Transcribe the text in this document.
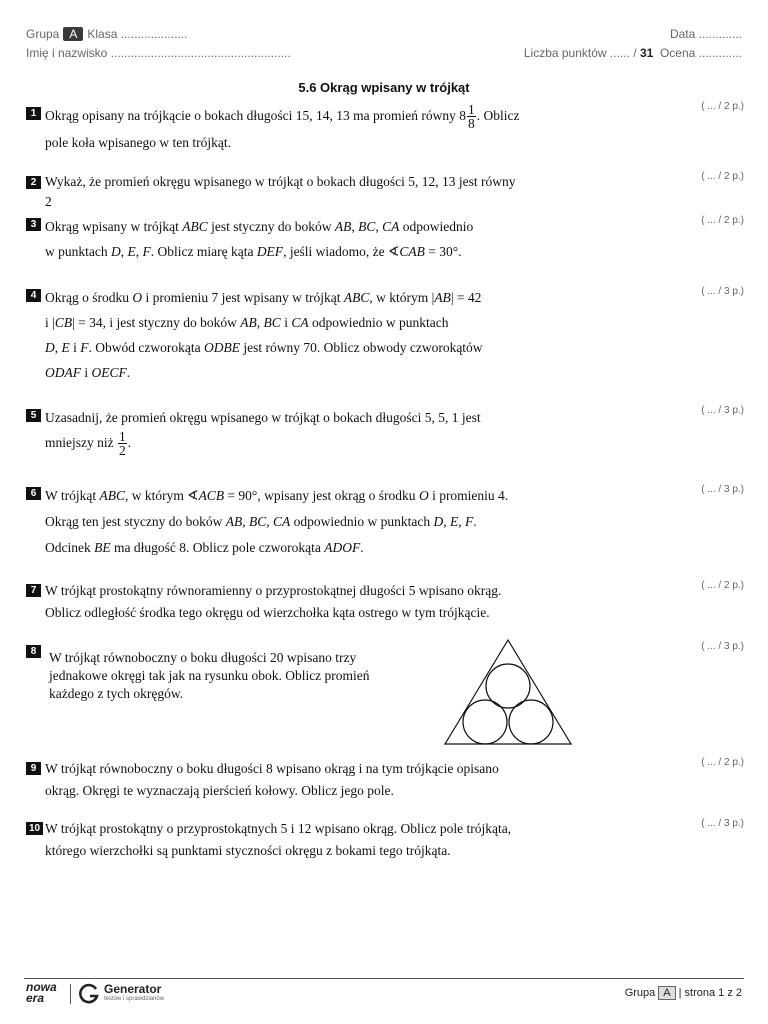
Grupa A Klasa ....................	Data .............
Imię i nazwisko ......................................................	Liczba punktów ...... / 31 Ocena .............
5.6 Okrąg wpisany w trójkąt
1 Okrąg opisany na trójkącie o bokach długości 15, 14, 13 ma promień równy $8 \frac{1}{8}$ . Oblicz
pole koła wpisanego w ten trójkąt.
( ... / 2 p.)
2 Wykaż, że promień okręgu wpisanego w trójkąt o bokach długości 5, 12, 13 jest równy
2
( ... / 2 p.)
3 Okrąg wpisany w trójkąt ABC jest styczny do boków AB, BC, CA odpowiednio
w punktach D, E, F. Oblicz miarę kąta DEF, jeśli wiadomo, że ∢CAB = 30°.
( ... / 2 p.)
4 Okrąg o środku O i promieniu 7 jest wpisany w trójkąt ABC, w którym |AB| = 42
i |CB| = 34, i jest styczny do boków AB, BC i CA odpowiednio w punktach
D, E i F. Obwód czworokąta ODBE jest równy 70. Oblicz obwody czworokątów
ODAF i OECF.
( ... / 3 p.)
5 Uzasadnij, że promień okręgu wpisanego w trójkąt o bokach długości 5, 5, 1 jest
mniejszy niż $\frac{1}{2}$ .
( ... / 3 p.)
6 W trójkąt ABC, w którym ∢ACB = 90°, wpisany jest okrąg o środku O i promieniu 4.
Okrąg ten jest styczny do boków AB, BC, CA odpowiednio w punktach D, E, F.
Odcinek BE ma długość 8. Oblicz pole czworokąta ADOF.
( ... / 3 p.)
7 W trójkąt prostokątny równoramienny o przyprostokątnej długości 5 wpisano okrąg.
Oblicz odległość środka tego okręgu od wierzchołka kąta ostrego w tym trójkącie.
( ... / 2 p.)
8 W trójkąt równoboczny o boku długości 20 wpisano trzy
jednakowe okręgi tak jak na rysunku obok. Oblicz promień
każdego z tych okręgów.
( ... / 3 p.)
9 W trójkąt równoboczny o boku długości 8 wpisano okrąg i na tym trójkącie opisano
okrąg. Okręgi te wyznaczają pierścień kołowy. Oblicz jego pole.
( ... / 2 p.)
10 W trójkąt prostokątny o przyprostokątnych 5 i 12 wpisano okrąg. Oblicz pole trójkąta,
którego wierzchołki są punktami styczności okręgu z bokami tego trójkąta.
( ... / 3 p.)
nowa
era
Generator
testów i sprawdzianów	Grupa A | strona 1 z 2
